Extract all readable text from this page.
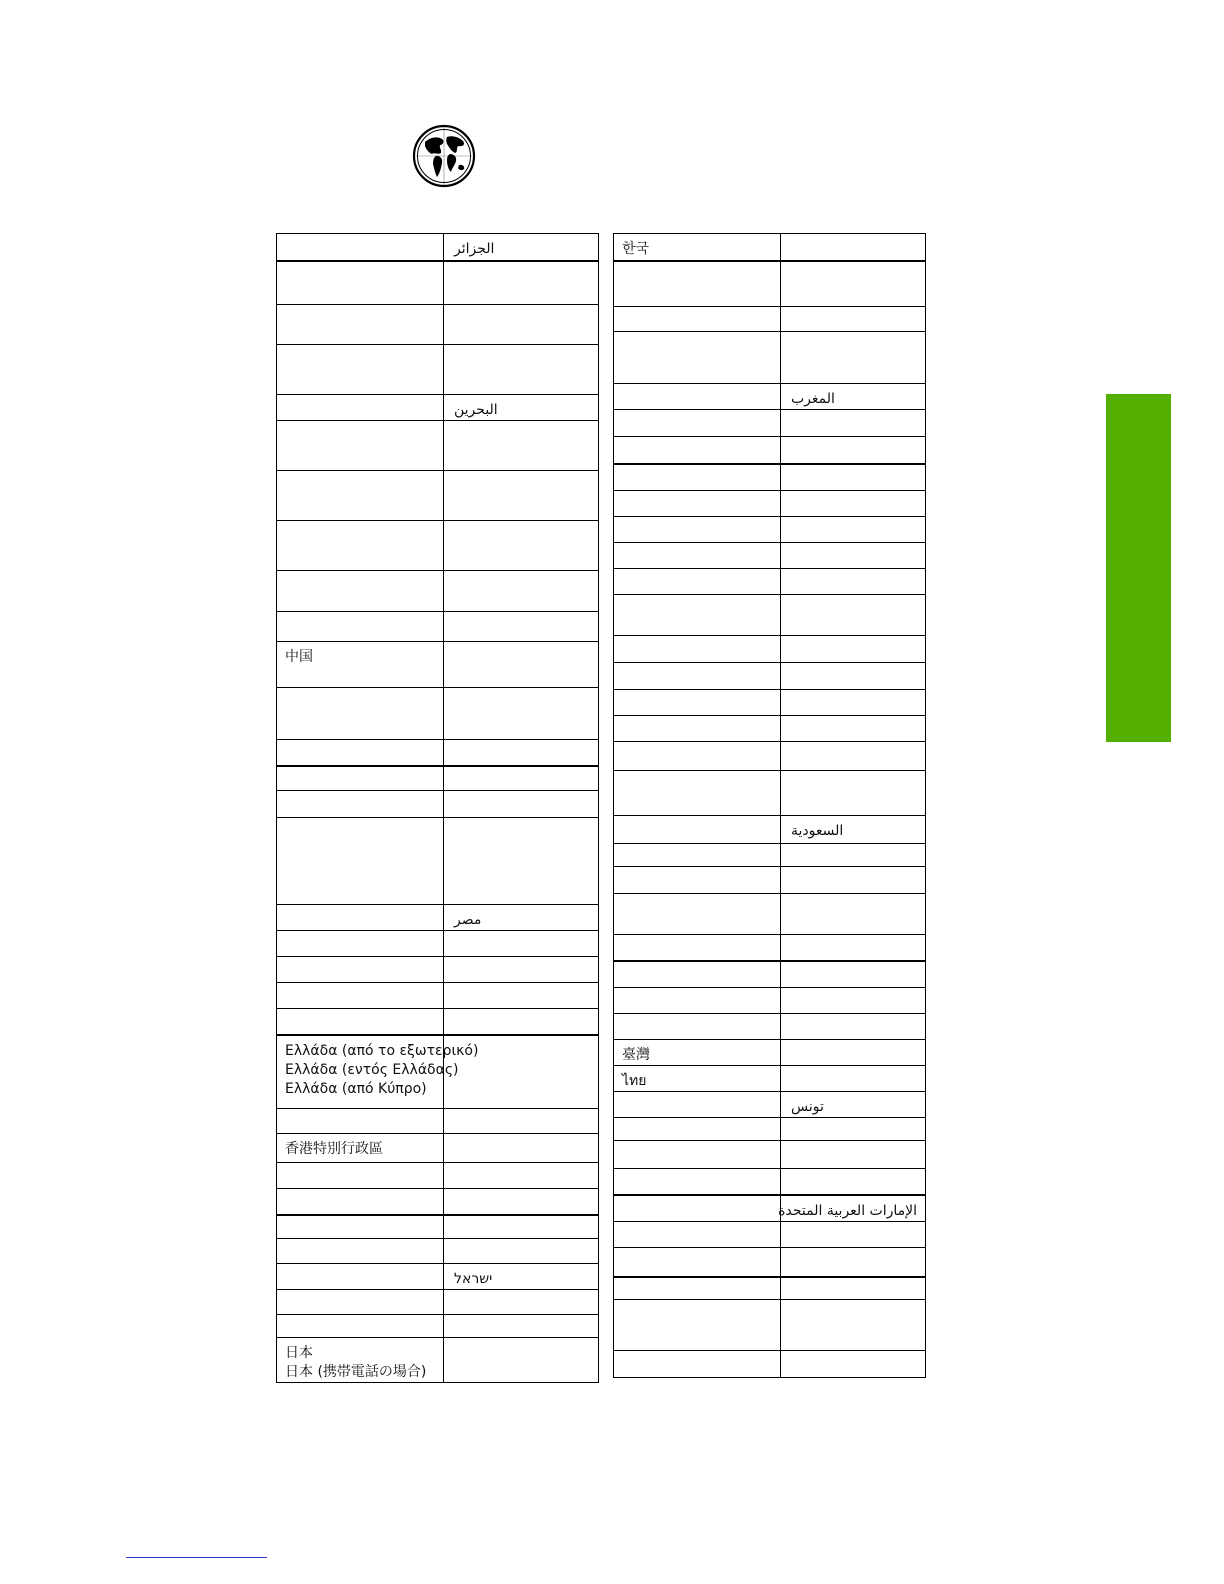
	الجزائر

	البحرين

中国	

	مصر

Ελλάδα (από το εξωτερικό)
Ελλάδα (εντός Ελλάδας)
Ελλάδα (από Κύπρο)	

香港特別行政區	

	ישראל

日本
日本 (携帯電話の場合)	
한국	

	المغرب

	السعودية

臺灣	
ไทย	
	تونس

	الإمارات العربية المتحدة
